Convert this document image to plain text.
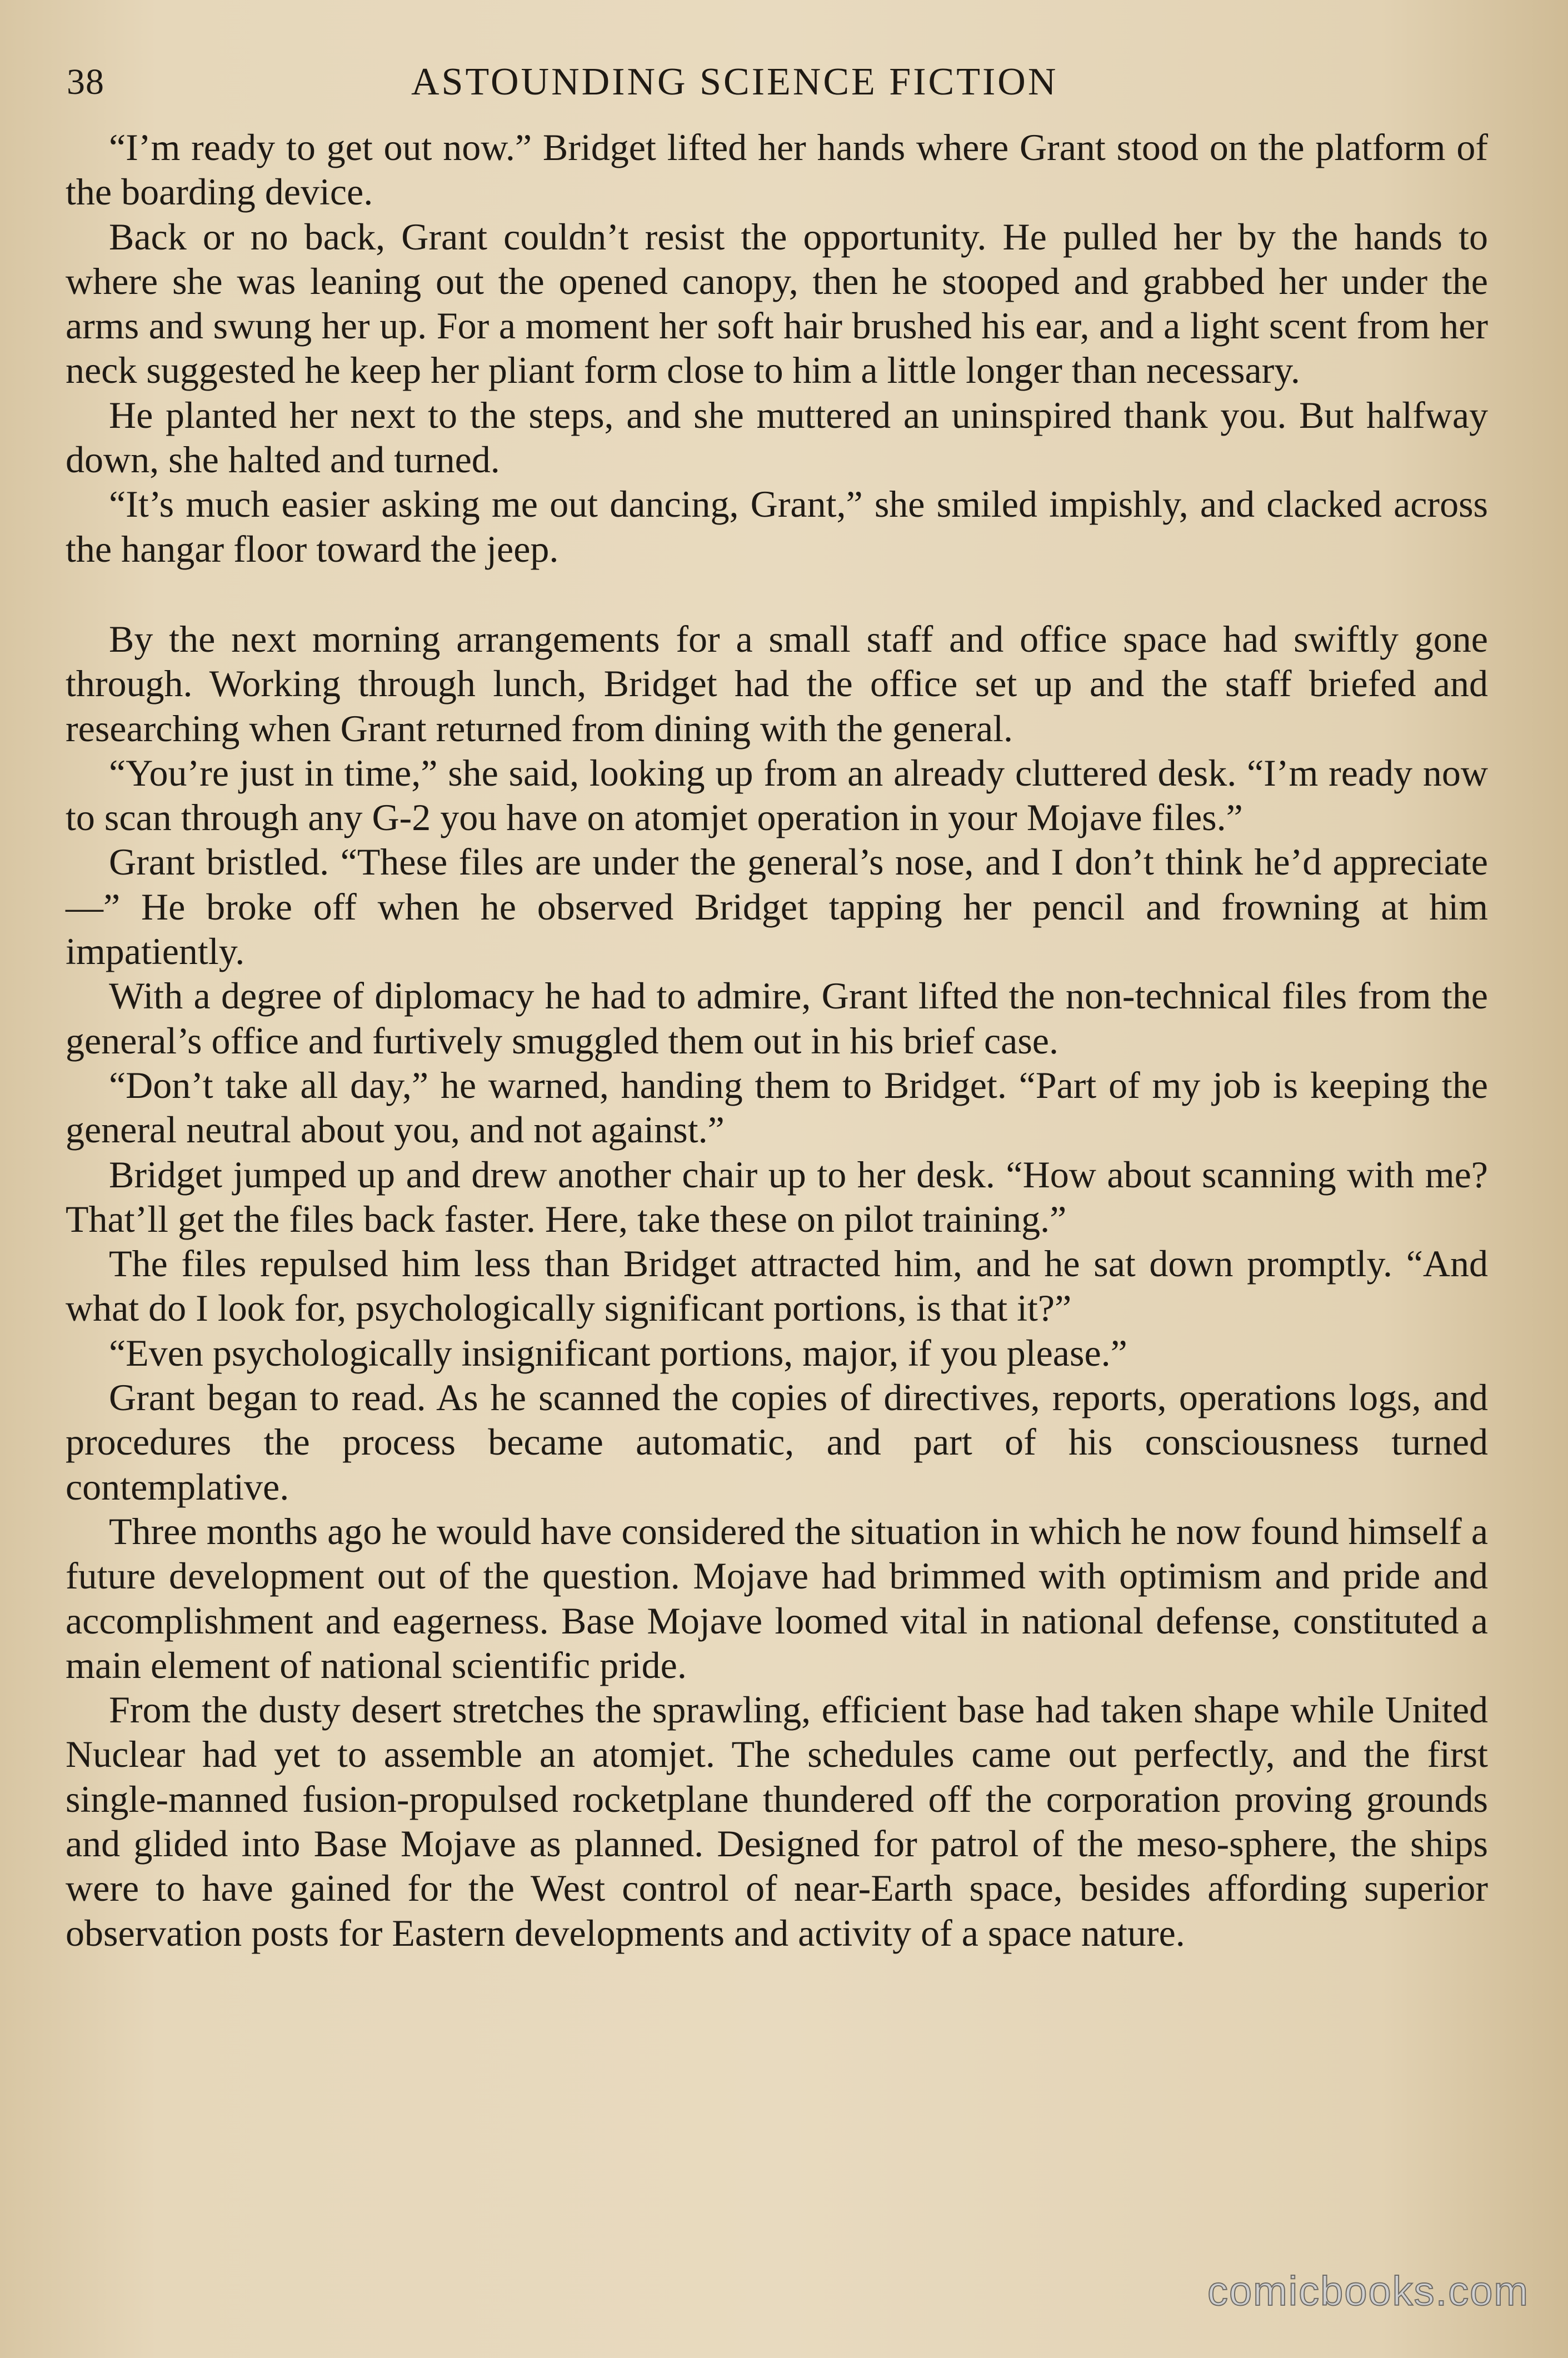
38	ASTOUNDING SCIENCE FICTION

“I’m ready to get out now.” Bridget lifted her hands where Grant stood on the platform of the boarding device.

Back or no back, Grant couldn’t resist the opportunity. He pulled her by the hands to where she was leaning out the opened canopy, then he stooped and grabbed her under the arms and swung her up. For a moment her soft hair brushed his ear, and a light scent from her neck suggested he keep her pliant form close to him a little longer than necessary.

He planted her next to the steps, and she muttered an uninspired thank you. But halfway down, she halted and turned.

“It’s much easier asking me out dancing, Grant,” she smiled impishly, and clacked across the hangar floor toward the jeep.

By the next morning arrangements for a small staff and office space had swiftly gone through. Working through lunch, Bridget had the office set up and the staff briefed and researching when Grant returned from dining with the general.

“You’re just in time,” she said, looking up from an already cluttered desk. “I’m ready now to scan through any G-2 you have on atomjet operation in your Mojave files.”

Grant bristled. “These files are under the general’s nose, and I don’t think he’d appreciate—” He broke off when he observed Bridget tapping her pencil and frowning at him impatiently.

With a degree of diplomacy he had to admire, Grant lifted the non-technical files from the general’s office and furtively smuggled them out in his brief case.

“Don’t take all day,” he warned, handing them to Bridget. “Part of my job is keeping the general neutral about you, and not against.”

Bridget jumped up and drew another chair up to her desk. “How about scanning with me? That’ll get the files back faster. Here, take these on pilot training.”

The files repulsed him less than Bridget attracted him, and he sat down promptly. “And what do I look for, psychologically significant portions, is that it?”

“Even psychologically insignificant portions, major, if you please.”

Grant began to read. As he scanned the copies of directives, reports, operations logs, and procedures the process became automatic, and part of his consciousness turned contemplative.

Three months ago he would have considered the situation in which he now found himself a future development out of the question. Mojave had brimmed with optimism and pride and accomplishment and eagerness. Base Mojave loomed vital in national defense, constituted a main element of national scientific pride.

From the dusty desert stretches the sprawling, efficient base had taken shape while United Nuclear had yet to assemble an atomjet. The schedules came out perfectly, and the first single-manned fusion-propulsed rocketplane thundered off the corporation proving grounds and glided into Base Mojave as planned. Designed for patrol of the meso-sphere, the ships were to have gained for the West control of near-Earth space, besides affording superior observation posts for Eastern developments and activity of a space nature.

comicbooks.com
